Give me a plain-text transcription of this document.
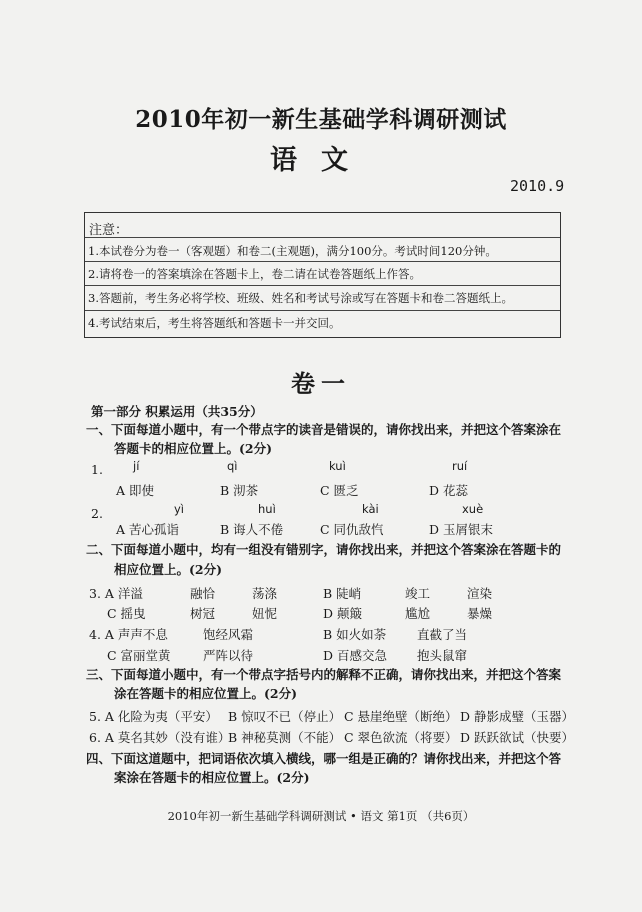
2010年初一新生基础学科调研测试
语文
2010.9
注意：
1.本试卷分为卷一（客观题）和卷二(主观题)，满分100分。考试时间120分钟。
2.请将卷一的答案填涂在答题卡上，卷二请在试卷答题纸上作答。
3.答题前，考生务必将学校、班级、姓名和考试号涂或写在答题卡和卷二答题纸上。
4.考试结束后，考生将答题纸和答题卡一并交回。
卷一
第一部分 积累运用（共35分）
一、下面每道小题中，有一个带点字的读音是错误的，请你找出来，并把这个答案涂在
答题卡的相应位置上。(2分)
1.	jí	qì	kuì	ruí
A 即使	B 沏茶	C 匮乏	D 花蕊
2.	yì	huì	kài	xuè
A 苦心孤诣	B 诲人不倦	C 同仇敌忾	D 玉屑银末
二、下面每道小题中，均有一组没有错别字，请你找出来，并把这个答案涂在答题卡的
相应位置上。(2分)
3. A 洋溢	融恰	荡涤	B 陡峭	竣工	渲染
C 摇曳	树冠	妞怩	D 颠簸	尴尬	暴燥
4. A 声声不息	饱经风霜	B 如火如荼 直截了当
C 富丽堂黄	严阵以待	D 百感交急 抱头鼠窜
三、下面每道小题中，有一个带点字括号内的解释不正确，请你找出来，并把这个答案
涂在答题卡的相应位置上。(2分)
5. A 化险为夷（平安） B 惊叹不已（停止） C 悬崖绝壁（断绝） D 静影成璧（玉器）
6. A 莫名其妙（没有谁）
B 神秘莫测（不能） C 翠色欲流（将要） D 跃跃欲试（快要）
四、下面这道题中，把词语依次填入横线，哪一组是正确的？请你找出来，并把这个答
案涂在答题卡的相应位置上。(2分)
2010年初一新生基础学科调研测试 • 语文 第1页 （共6页）
